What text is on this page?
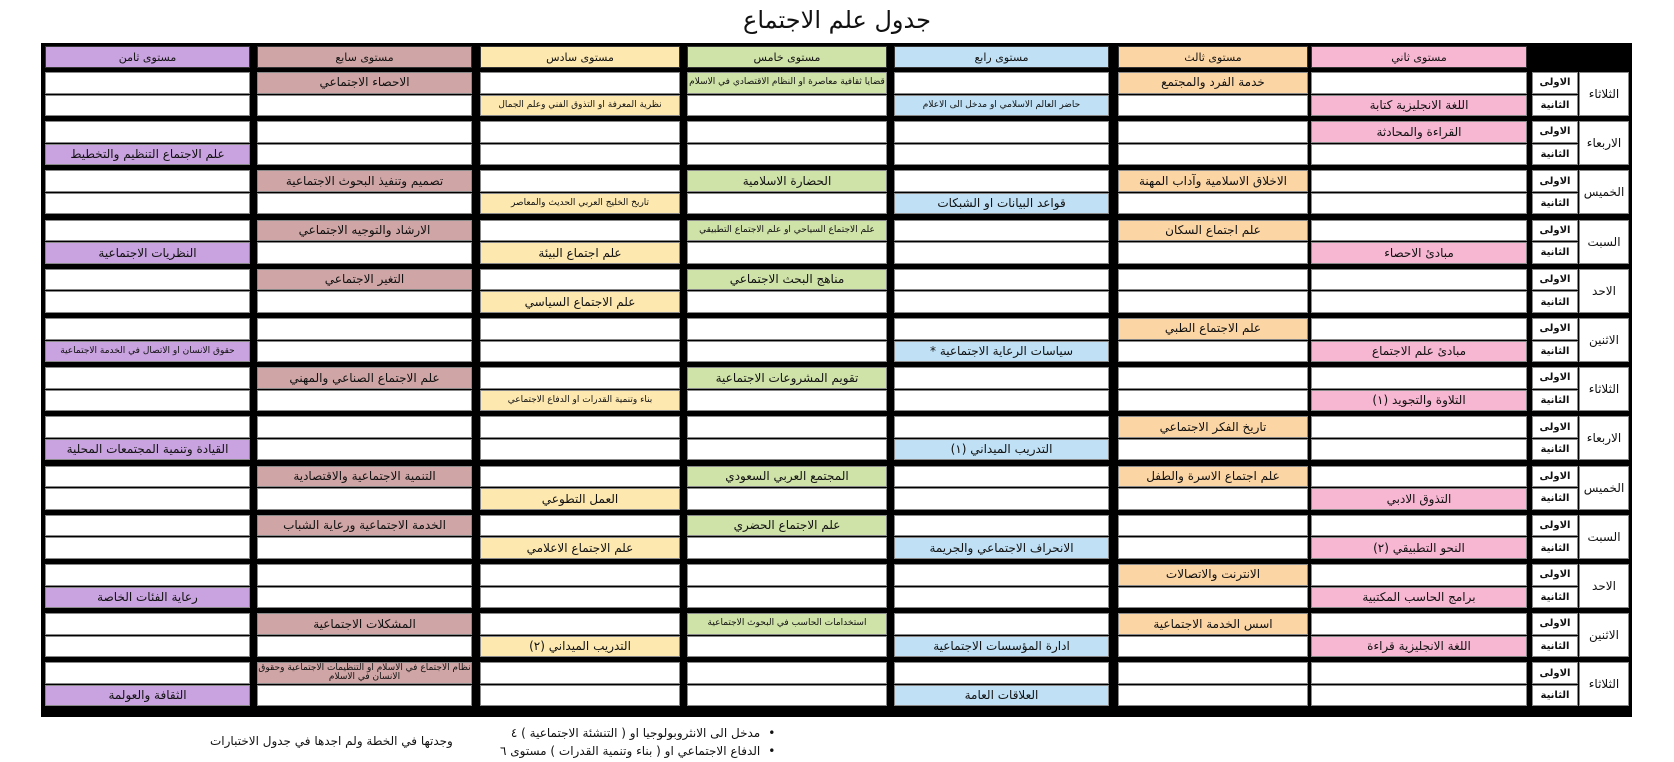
جدول علم الاجتماع
مستوى ثاني
مستوى ثالث
مستوى رابع
مستوى خامس
مستوى سادس
مستوى سابع
مستوى ثامن
الثلاثاء
الاولى
الثانية
اللغة الانجليزية كتابة
خدمة الفرد والمجتمع
حاضر العالم الاسلامي او مدخل الى الاعلام
قضايا ثقافية معاصرة او النظام الاقتصادي في الاسلام
نظرية المعرفة او التذوق الفني وعلم الجمال
الاحصاء الاجتماعي
الاربعاء
الاولى
الثانية
القراءة والمحادثة
علم الاجتماع التنظيم والتخطيط
الخميس
الاولى
الثانية
الاخلاق الاسلامية وآداب المهنة
قواعد البيانات او الشبكات
الحضارة الاسلامية
تاريخ الخليج العربي الحديث والمعاصر
تصميم وتنفيذ البحوث الاجتماعية
السبت
الاولى
الثانية
مبادئ الاحصاء
علم اجتماع السكان
علم الاجتماع السياحي او علم الاجتماع التطبيقي
علم اجتماع البيئة
الارشاد والتوجيه الاجتماعي
النظريات الاجتماعية
الاحد
الاولى
الثانية
مناهج البحث الاجتماعي
علم الاجتماع السياسي
التغير الاجتماعي
الاثنين
الاولى
الثانية
مبادئ علم الاجتماع
علم الاجتماع الطبي
سياسات الرعاية الاجتماعية *
حقوق الانسان او الاتصال في الخدمة الاجتماعية
الثلاثاء
الاولى
الثانية
التلاوة والتجويد (١)
تقويم المشروعات الاجتماعية
بناء وتنمية القدرات او الدفاع الاجتماعي
علم الاجتماع الصناعي والمهني
الاربعاء
الاولى
الثانية
تاريخ الفكر الاجتماعي
التدريب الميداني (١)
القيادة وتنمية المجتمعات المحلية
الخميس
الاولى
الثانية
التذوق الادبي
علم اجتماع الاسرة والطفل
المجتمع العربي السعودي
العمل التطوعي
التنمية الاجتماعية والاقتصادية
السبت
الاولى
الثانية
النحو التطبيقي (٢)
الانحراف الاجتماعي والجريمة
علم الاجتماع الحضري
علم الاجتماع الاعلامي
الخدمة الاجتماعية ورعاية الشباب
الاحد
الاولى
الثانية
برامج الحاسب المكتبية
الانترنت والاتصالات
رعاية الفئات الخاصة
الاثنين
الاولى
الثانية
اللغة الانجليزية قراءة
اسس الخدمة الاجتماعية
ادارة المؤسسات الاجتماعية
استخدامات الحاسب في البحوث الاجتماعية
التدريب الميداني (٢)
المشكلات الاجتماعية
الثلاثاء
الاولى
الثانية
العلاقات العامة
نظام الاجتماع في الاسلام او التنظيمات الاجتماعية وحقوق الانسان في الاسلام
الثقافة والعولمة
وجدتها في الخطة ولم اجدها في جدول الاختبارات
•مدخل الى الانثروبولوجيا او ( التنشئة الاجتماعية ) ٤
•الدفاع الاجتماعي او ( بناء وتنمية القدرات ) مستوى ٦
